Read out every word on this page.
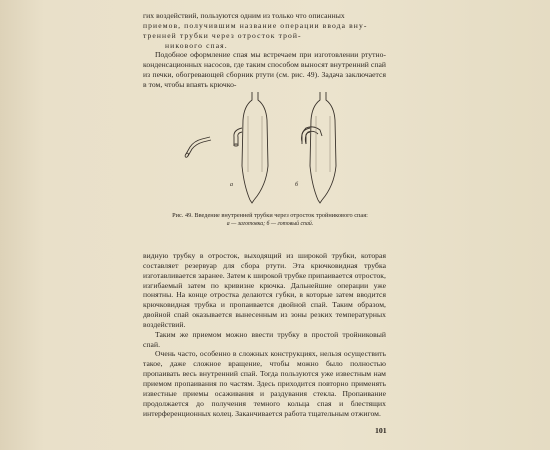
гих воздействий, пользуются одним из только что описанных

приемов, получившим название операции ввода вну-

тренней трубки через отросток трой-

никового спая.

Подобное оформление спая мы встречаем при изготовлении ртутно-конденсационных насосов, где таким способом выносят внутренний спай из печки, обогревающей сборник ртути (см. рис. 49). Задача заключается в том, чтобы впаять крючко-

а	б
Рис. 49. Введение внутренней трубки через отросток тройникового спая:
а — заготовка; б — готовый спай.

видную трубку в отросток, выходящий из широкой трубки, которая составляет резервуар для сбора ртути. Эта крючковидная трубка изготавливается заранее. Затем к широкой трубке припаивается отросток, изгибаемый затем по кривизне крючка. Дальнейшие операции уже понятны. На конце отростка делаются губки, в которые затем вводится крючковидная трубка и пропаивается двойной спай. Таким образом, двойной спай оказывается вынесенным из зоны резких температурных воздействий.

Таким же приемом можно ввести трубку в простой тройниковый спай.

Очень часто, особенно в сложных конструкциях, нельзя осуществить такое, даже сложное вращение, чтобы можно было полностью пропаивать весь внутренний спай. Тогда пользуются уже известным нам приемом пропаивания по частям. Здесь приходится повторно применять известные приемы осаживания и раздувания стекла. Пропаивание продолжается до получения темного кольца спая и блестящих интерференционных колец. Заканчивается работа тщательным отжигом.

101
